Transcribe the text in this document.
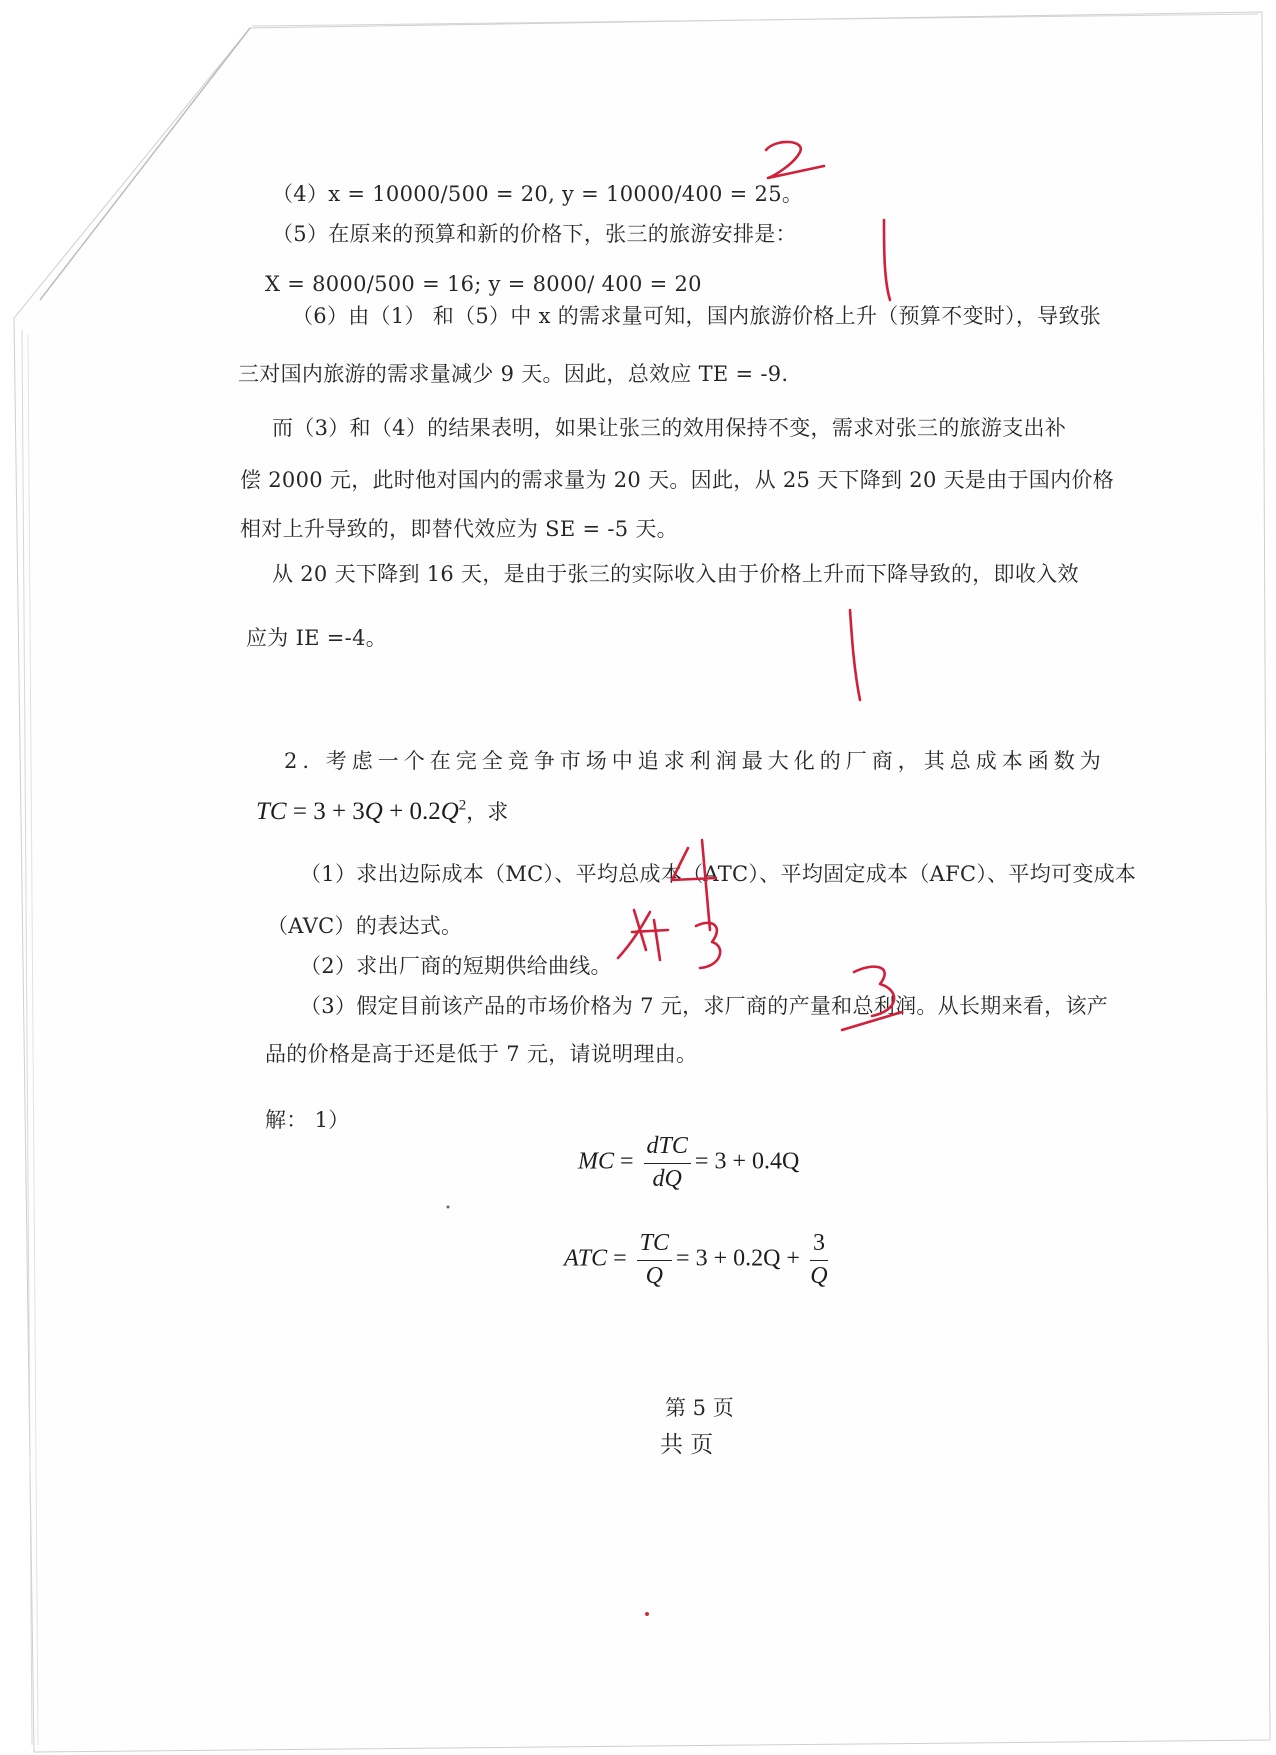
（4）x = 10000/500 = 20, y = 10000/400 = 25。
（5）在原来的预算和新的价格下，张三的旅游安排是：
X = 8000/500 = 16; y = 8000/ 400 = 20
（6）由（1） 和（5）中 x 的需求量可知，国内旅游价格上升（预算不变时），导致张
三对国内旅游的需求量减少 9 天。因此，总效应 TE = -9.
而（3）和（4）的结果表明，如果让张三的效用保持不变，需求对张三的旅游支出补
偿 2000 元，此时他对国内的需求量为 20 天。因此，从 25 天下降到 20 天是由于国内价格
相对上升导致的，即替代效应为 SE = -5 天。
从 20 天下降到 16 天，是由于张三的实际收入由于价格上升而下降导致的，即收入效
应为 IE =-4。
2. 考虑一个在完全竞争市场中追求利润最大化的厂商，其总成本函数为
TC = $3 + 3Q + 0.2Q^2$，求
（1）求出边际成本（MC）、平均总成本（ATC）、平均固定成本（AFC）、平均可变成本
（AVC）的表达式。
（2）求出厂商的短期供给曲线。
（3）假定目前该产品的市场价格为 7 元，求厂商的产量和总利润。从长期来看，该产
品的价格是高于还是低于 7 元，请说明理由。
解： 1）
MC = $\frac{\text{dTC}}{dQ} = 3 + 0.4Q$
ATC = $\frac{TC}{Q} = 3 + 0.2Q + \frac{3}{Q}$
第 5 页
共 页
